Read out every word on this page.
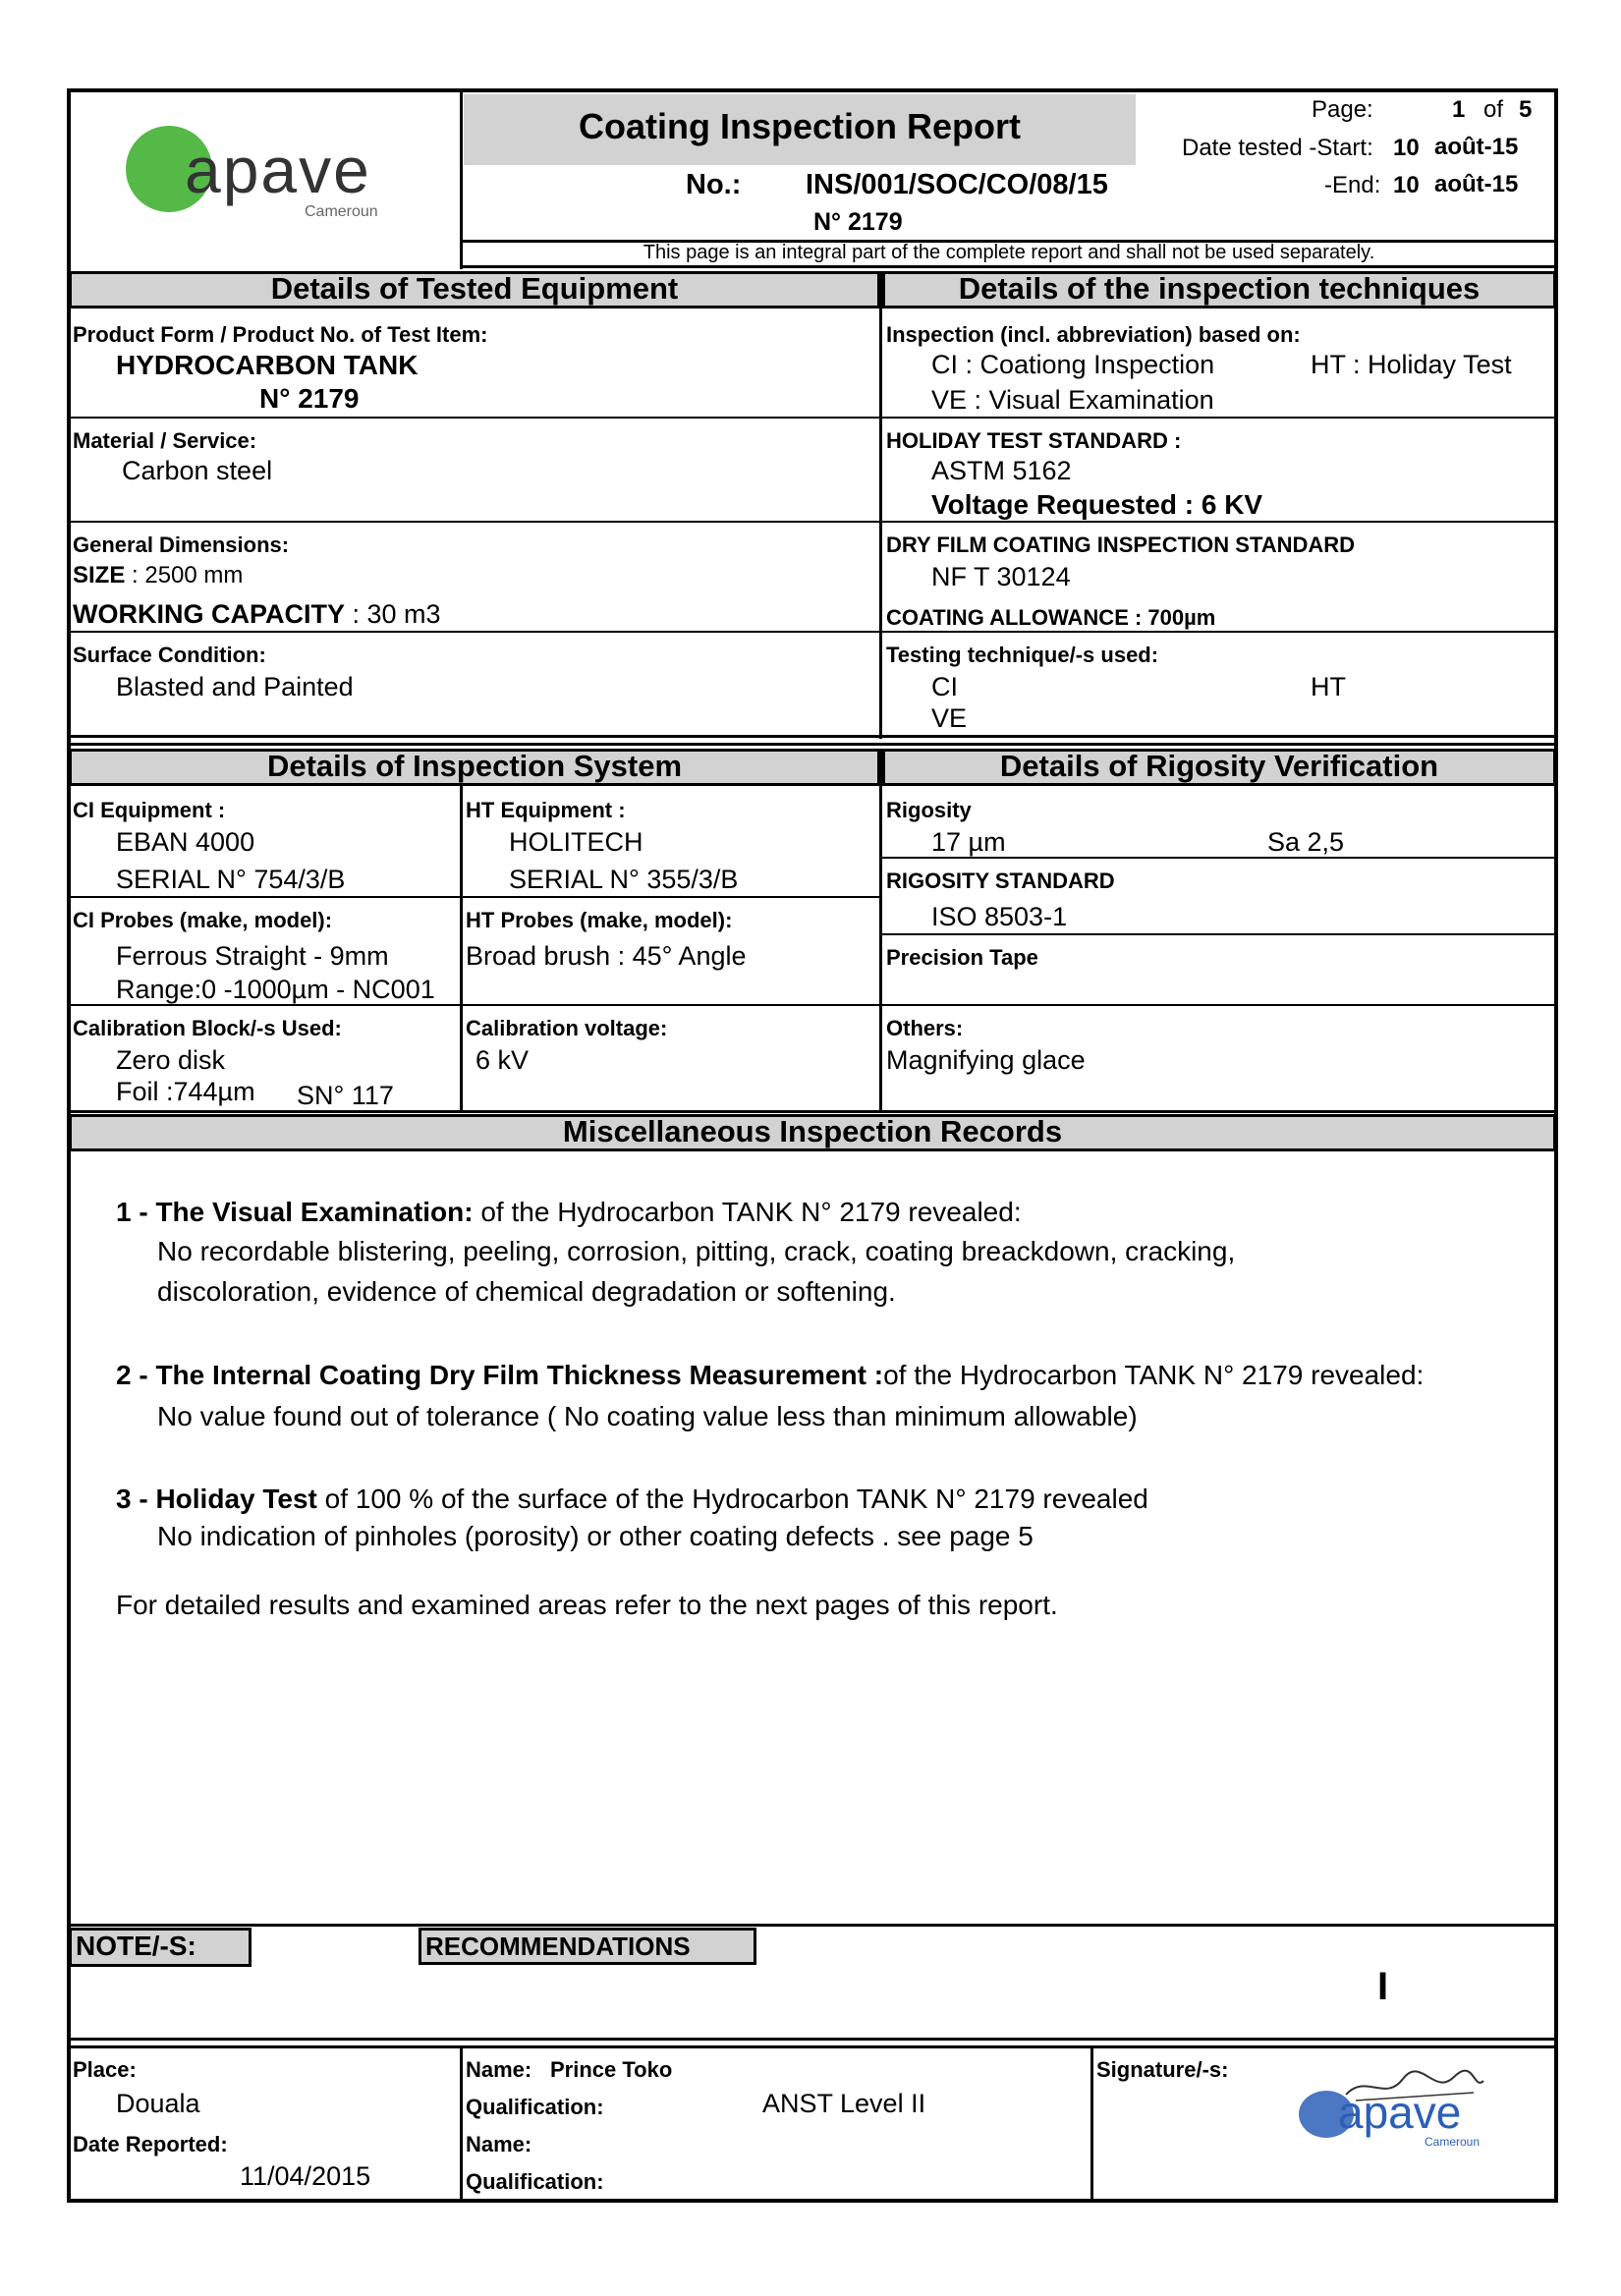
apave
Cameroun
Coating Inspection Report	Page:	1 of 5
Date tested -Start: 10 août-15
-End: 10 août-15
No.: INS/001/SOC/CO/08/15
N° 2179
This page is an integral part of the complete report and shall not be used separately.
Details of Tested Equipment	Details of the inspection techniques
Product Form / Product No. of Test Item:
HYDROCARBON TANK
N° 2179
Material / Service:
Carbon steel
General Dimensions:
SIZE : 2500 mm
WORKING CAPACITY : 30 m3
Surface Condition:
Blasted and Painted
Inspection (incl. abbreviation) based on:
CI : Coationg Inspection	HT : Holiday Test
VE : Visual Examination
HOLIDAY TEST STANDARD :
ASTM 5162
Voltage Requested : 6 KV
DRY FILM COATING INSPECTION STANDARD
NF T 30124
COATING ALLOWANCE : 700µm
Testing technique/-s used:
CI	HT
VE
Details of Inspection System	Details of Rigosity Verification
CI Equipment :
EBAN 4000
SERIAL N° 754/3/B
HT Equipment :
HOLITECH
SERIAL N° 355/3/B
CI Probes (make, model):
Ferrous Straight - 9mm
Range:0 -1000µm - NC001
HT Probes (make, model):
Broad brush : 45° Angle
Calibration Block/-s Used:
Zero disk
Foil :744µm SN° 117
Calibration voltage:
6 kV
Rigosity
17 µm	Sa 2,5
RIGOSITY STANDARD
ISO 8503-1
Precision Tape
Others:
Magnifying glace
Miscellaneous Inspection Records
1 - The Visual Examination: of the Hydrocarbon TANK N° 2179 revealed:
No recordable blistering, peeling, corrosion, pitting, crack, coating breackdown, cracking,
discoloration, evidence of chemical degradation or softening.
2 - The Internal Coating Dry Film Thickness Measurement :of the Hydrocarbon TANK N° 2179 revealed:
No value found out of tolerance ( No coating value less than minimum allowable)
3 - Holiday Test of 100 % of the surface of the Hydrocarbon TANK N° 2179 revealed
No indication of pinholes (porosity) or other coating defects . see page 5
For detailed results and examined areas refer to the next pages of this report.
NOTE/-S:	RECOMMENDATIONS
I
Place:
Douala
Date Reported:
11/04/2015
Name: Prince Toko
Qualification:	ANST Level II
Name:
Qualification:
Signature/-s:
apave
Cameroun
